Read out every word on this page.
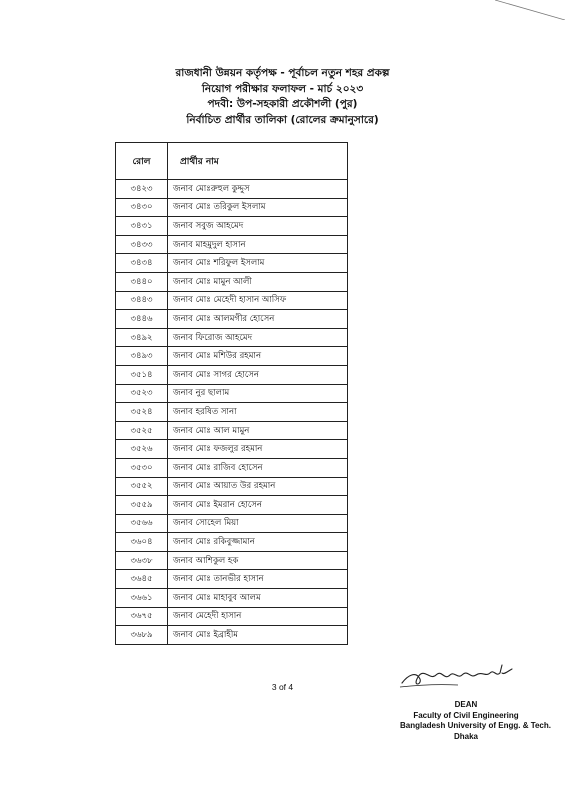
রাজধানী উন্নয়ন কর্তৃপক্ষ - পূর্বাচল নতুন শহর প্রকল্প
নিয়োগ পরীক্ষার ফলাফল - মার্চ ২০২৩
পদবী: উপ-সহকারী প্রকৌশলী (পুর)
নির্বাচিত প্রার্থীর তালিকা (রোলের ক্রমানুসারে)
রোল	প্রার্থীর নাম
৩৪২৩	জনাব মোঃরুহুল কুদ্দুস
৩৪৩০	জনাব মোঃ তরিকুল ইসলাম
৩৪৩১	জনাব সবুজ আহমেদ
৩৪৩৩	জনাব মাহমুদুল হাসান
৩৪৩৪	জনাব মোঃ শরিফুল ইসলাম
৩৪৪০	জনাব মোঃ মামুন আলী
৩৪৪৩	জনাব মোঃ মেহেদী হাসান আসিফ
৩৪৪৬	জনাব মোঃ আলমগীর হোসেন
৩৪৯২	জনাব ফিরোজ আহমেদ
৩৪৯৩	জনাব মোঃ মশিউর রহমান
৩৫১৪	জনাব মোঃ সাগর হোসেন
৩৫২৩	জনাব নুর ছালাম
৩৫২৪	জনাব হরষিত সানা
৩৫২৫	জনাব মোঃ আল মামুন
৩৫২৬	জনাব মোঃ ফজলুর রহমান
৩৫৩০	জনাব মোঃ রাজিব হোসেন
৩৫৫২	জনাব মোঃ আয়াত উর রহমান
৩৫৫৯	জনাব মোঃ ইমরান হোসেন
৩৫৬৬	জনাব সোহেল মিয়া
৩৬০৪	জনাব মোঃ রকিবুজ্জামান
৩৬৩৮	জনাব আশিকুল হক
৩৬৪৫	জনাব মোঃ তানভীর হাসান
৩৬৬১	জনাব মোঃ মাহাবুব আলম
৩৬৭৫	জনাব মেহেদী হাসান
৩৬৮৯	জনাব মোঃ ইব্রাহীম
3 of 4
DEAN
Faculty of Civil Engineering
Bangladesh University of Engg. & Tech.
Dhaka
